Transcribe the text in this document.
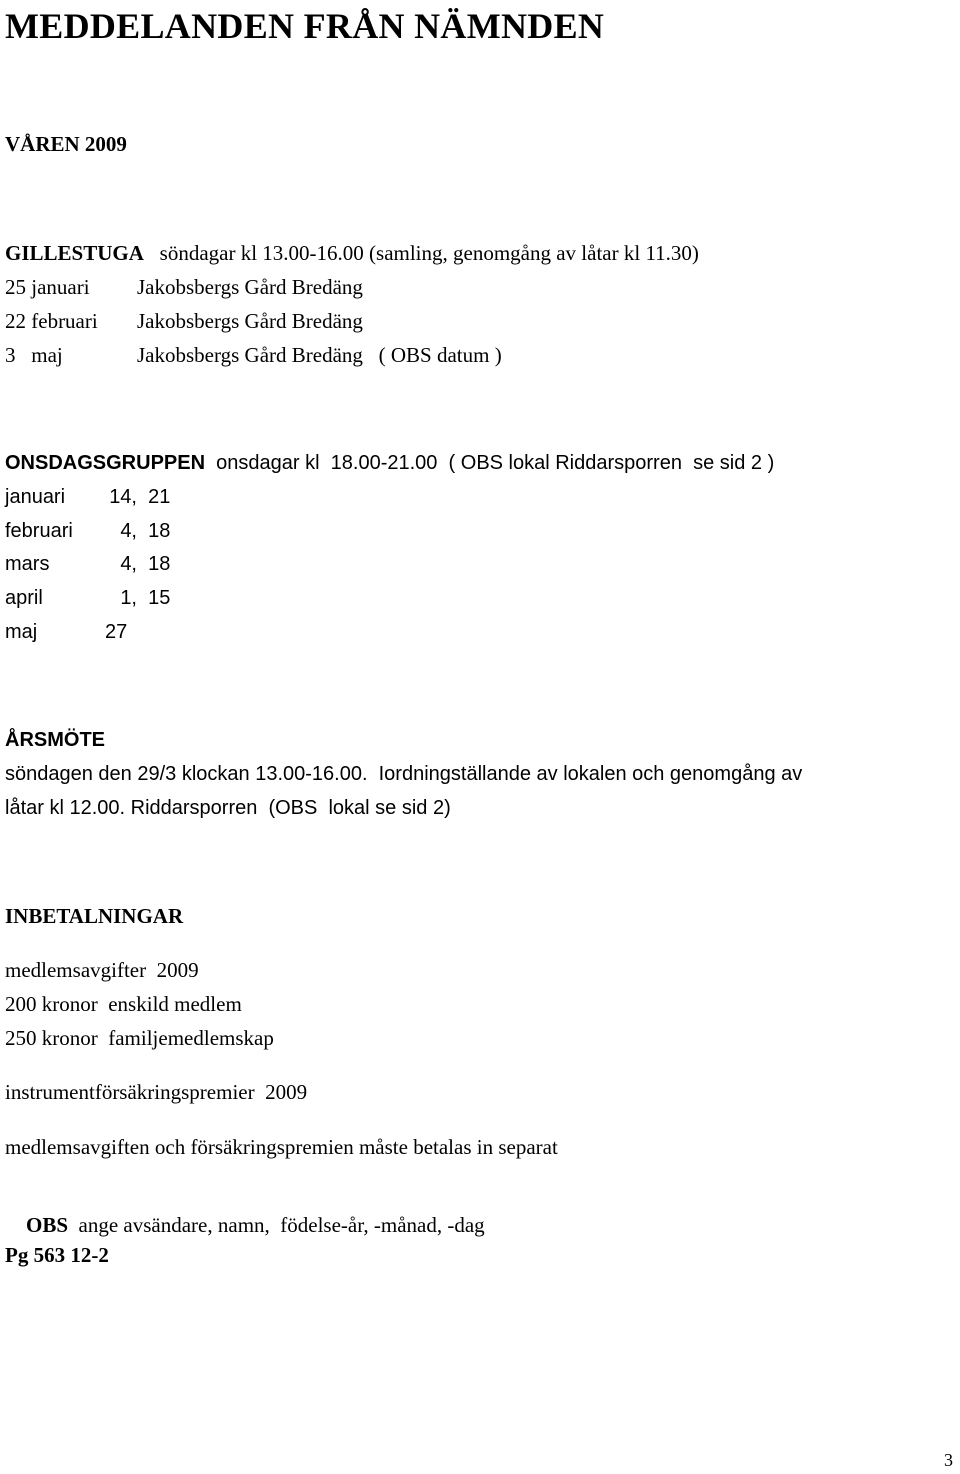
MEDDELANDEN FRÅN NÄMNDEN
VÅREN 2009
GILLESTUGA söndagar kl 13.00-16.00 (samling, genomgång av låtar kl 11.30)
25 januari Jakobsbergs Gård Bredäng
22 februari Jakobsbergs Gård Bredäng
3   maj	Jakobsbergs Gård Bredäng   ( OBS datum )
ONSDAGSGRUPPEN onsdagar kl  18.00-21.00  ( OBS lokal Riddarsporren  se sid 2 )
januari 14, 21
februari 4, 18
mars	4, 18
april	1, 15
maj	27
ÅRSMÖTE
söndagen den 29/3 klockan 13.00-16.00.  Iordningställande av lokalen och genomgång av
låtar kl 12.00. Riddarsporren  (OBS  lokal se sid 2)
INBETALNINGAR
medlemsavgifter  2009
200 kronor  enskild medlem
250 kronor  familjemedlemskap
instrumentförsäkringspremier  2009
medlemsavgiften och försäkringspremien måste betalas in separat

OBS ange avsändare, namn,  födelse-år, -månad, -dag

Pg 563 12-2
3
